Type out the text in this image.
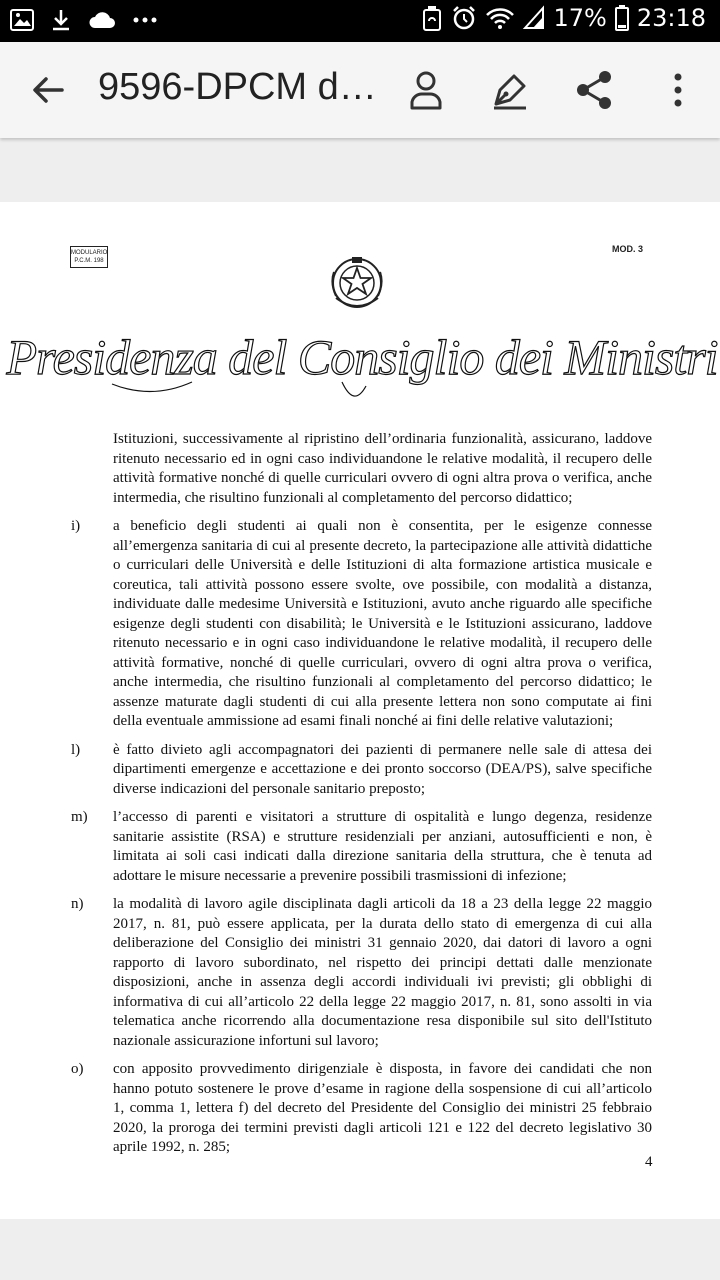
17% 23:18
9596-DPCM d…
MODULARIO
P.C.M. 198
MOD. 3
Presidenza del Consiglio dei Ministri
Istituzioni, successivamente al ripristino dell’ordinaria funzionalità, assicurano, laddove ritenuto necessario ed in ogni caso individuandone le relative modalità, il recupero delle attività formative nonché di quelle curriculari ovvero di ogni altra prova o verifica, anche intermedia, che risultino funzionali al completamento del percorso didattico;
i) a beneficio degli studenti ai quali non è consentita, per le esigenze connesse all’emergenza sanitaria di cui al presente decreto, la partecipazione alle attività didattiche o curriculari delle Università e delle Istituzioni di alta formazione artistica musicale e coreutica, tali attività possono essere svolte, ove possibile, con modalità a distanza, individuate dalle medesime Università e Istituzioni, avuto anche riguardo alle specifiche esigenze degli studenti con disabilità; le Università e le Istituzioni assicurano, laddove ritenuto necessario e in ogni caso individuandone le relative modalità, il recupero delle attività formative, nonché di quelle curriculari, ovvero di ogni altra prova o verifica, anche intermedia, che risultino funzionali al completamento del percorso didattico; le assenze maturate dagli studenti di cui alla presente lettera non sono computate ai fini della eventuale ammissione ad esami finali nonché ai fini delle relative valutazioni;
l) è fatto divieto agli accompagnatori dei pazienti di permanere nelle sale di attesa dei dipartimenti emergenze e accettazione e dei pronto soccorso (DEA/PS), salve specifiche diverse indicazioni del personale sanitario preposto;
m) l’accesso di parenti e visitatori a strutture di ospitalità e lungo degenza, residenze sanitarie assistite (RSA) e strutture residenziali per anziani, autosufficienti e non, è limitata ai soli casi indicati dalla direzione sanitaria della struttura, che è tenuta ad adottare le misure necessarie a prevenire possibili trasmissioni di infezione;
n) la modalità di lavoro agile disciplinata dagli articoli da 18 a 23 della legge 22 maggio 2017, n. 81, può essere applicata, per la durata dello stato di emergenza di cui alla deliberazione del Consiglio dei ministri 31 gennaio 2020, dai datori di lavoro a ogni rapporto di lavoro subordinato, nel rispetto dei principi dettati dalle menzionate disposizioni, anche in assenza degli accordi individuali ivi previsti; gli obblighi di informativa di cui all’articolo 22 della legge 22 maggio 2017, n. 81, sono assolti in via telematica anche ricorrendo alla documentazione resa disponibile sul sito dell'Istituto nazionale assicurazione infortuni sul lavoro;
o) con apposito provvedimento dirigenziale è disposta, in favore dei candidati che non hanno potuto sostenere le prove d’esame in ragione della sospensione di cui all’articolo 1, comma 1, lettera f) del decreto del Presidente del Consiglio dei ministri 25 febbraio 2020, la proroga dei termini previsti dagli articoli 121 e 122 del decreto legislativo 30 aprile 1992, n. 285;
4
